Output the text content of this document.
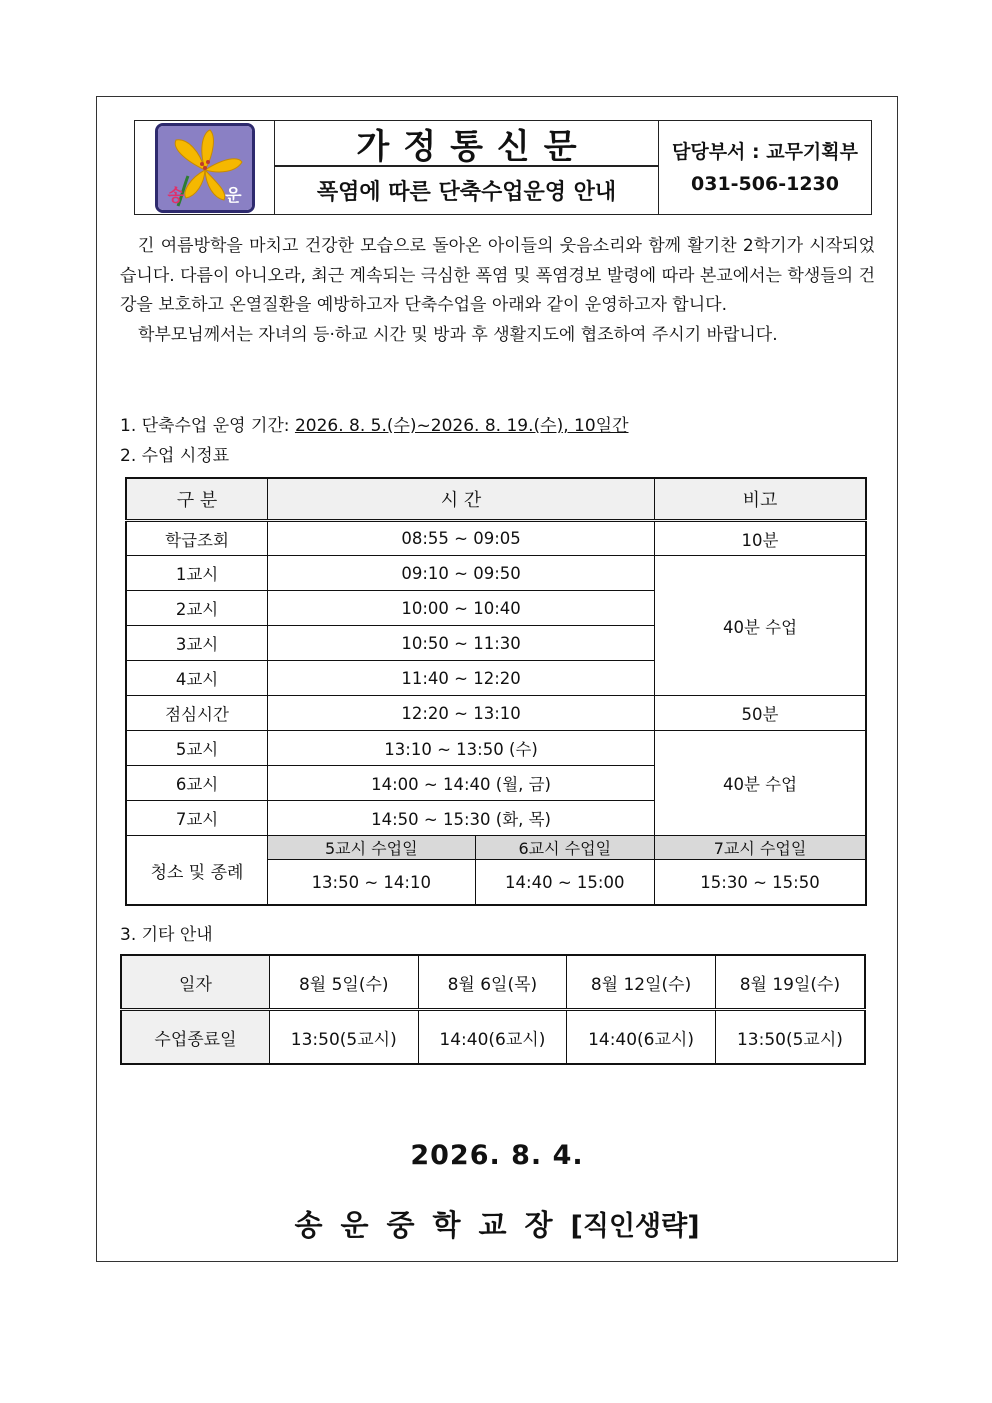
송 운
가정통신문
폭염에 따른 단축수업운영 안내
담당부서 : 교무기획부
031-506-1230

긴 여름방학을 마치고 건강한 모습으로 돌아온 아이들의 웃음소리와 함께 활기찬 2학기가 시작되었습니다. 다름이 아니오라, 최근 계속되는 극심한 폭염 및 폭염경보 발령에 따라 본교에서는 학생들의 건강을 보호하고 온열질환을 예방하고자 단축수업을 아래와 같이 운영하고자 합니다.

학부모님께서는 자녀의 등·하교 시간 및 방과 후 생활지도에 협조하여 주시기 바랍니다.

1. 단축수업 운영 기간: 2026. 8. 5.(수)~2026. 8. 19.(수), 10일간
2. 수업 시정표
구 분	시 간		비고
학급조회	08:55 ~ 09:05		10분
1교시	09:10 ~ 09:50		40분 수업
2교시	10:00 ~ 10:40		
3교시	10:50 ~ 11:30		
4교시	11:40 ~ 12:20		
점심시간	12:20 ~ 13:10		50분
5교시	13:10 ~ 13:50 (수)		40분 수업
6교시	14:00 ~ 14:40 (월, 금)		
7교시	14:50 ~ 15:30 (화, 목)		
청소 및 종례	5교시 수업일	6교시 수업일	7교시 수업일
	13:50 ~ 14:10	14:40 ~ 15:00	15:30 ~ 15:50
3. 기타 안내
일자	8월 5일(수)	8월 6일(목)	8월 12일(수)	8월 19일(수)
수업종료일	13:50(5교시)	14:40(6교시)	14:40(6교시)	13:50(5교시)
2026. 8. 4.
송운중학교장[직인생략]
